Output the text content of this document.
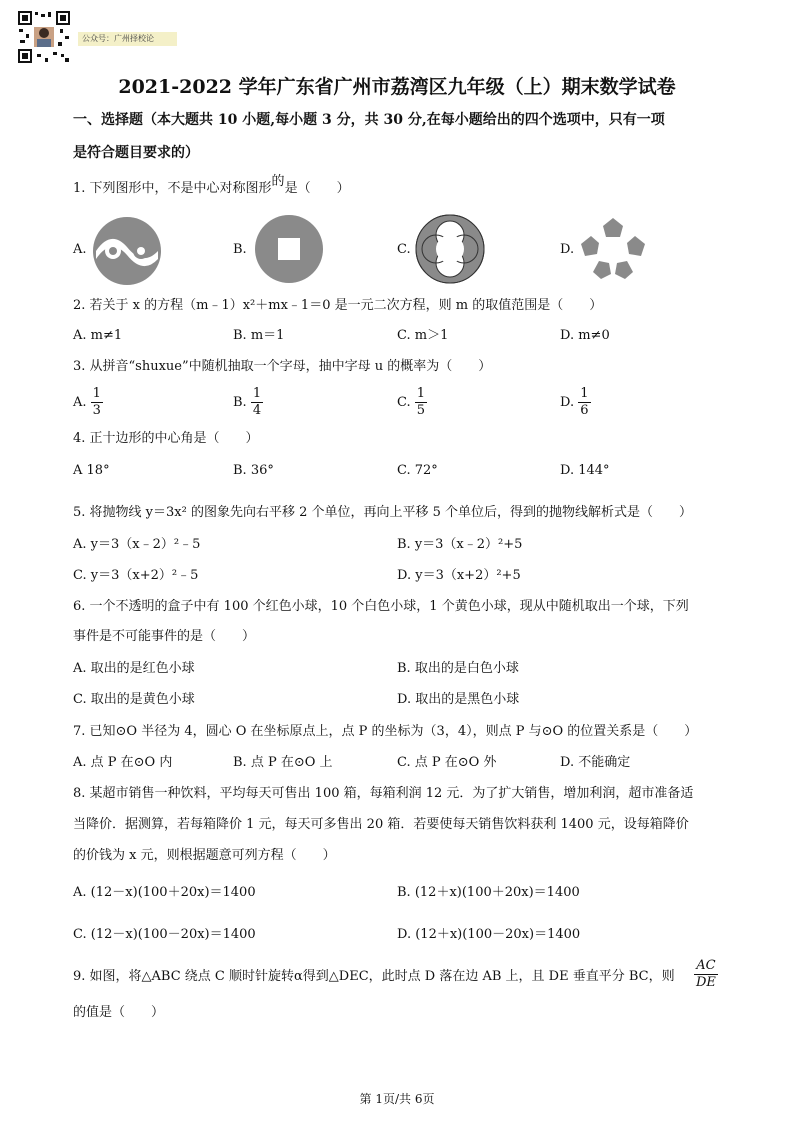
公众号：广州择校论
2021-2022 学年广东省广州市荔湾区九年级（上）期末数学试卷
一、选择题（本大题共 10 小题,每小题 3 分，共 30 分,在每小题给出的四个选项中，只有一项
是符合题目要求的）
1. 下列图形中，不是中心对称图形的是（　　）
A.	B.	C.	D.
2. 若关于 x 的方程（m﹣1）x²＋mx﹣1＝0 是一元二次方程，则 m 的取值范围是（　　）
A. m≠1	B. m＝1	C. m＞1	D. m≠0
3. 从拼音“shuxue”中随机抽取一个字母，抽中字母 u 的概率为（　　）
A. $\frac{1}{3}$	B. $\frac{1}{4}$	C. $\frac{1}{5}$	D. $\frac{1}{6}$
4. 正十边形的中心角是（　　）
A 18°	B. 36°	C. 72°	D. 144°
5. 将抛物线 y＝3x² 的图象先向右平移 2 个单位，再向上平移 5 个单位后，得到的抛物线解析式是（　　）
A. y＝3（x﹣2）²﹣5	B. y＝3（x﹣2）²+5
C. y＝3（x+2）²﹣5	D. y＝3（x+2）²+5
6. 一个不透明的盒子中有 100 个红色小球，10 个白色小球，1 个黄色小球，现从中随机取出一个球，下列
事件是不可能事件的是（　　）
A. 取出的是红色小球	B. 取出的是白色小球
C. 取出的是黄色小球	D. 取出的是黑色小球
7. 已知⊙O 半径为 4，圆心 O 在坐标原点上，点 P 的坐标为（3，4），则点 P 与⊙O 的位置关系是（　　）
A. 点 P 在⊙O 内	B. 点 P 在⊙O 上	C. 点 P 在⊙O 外	D. 不能确定
8. 某超市销售一种饮料，平均每天可售出 100 箱，每箱利润 12 元．为了扩大销售，增加利润，超市准备适
当降价．据测算，若每箱降价 1 元，每天可多售出 20 箱．若要使每天销售饮料获利 1400 元，设每箱降价
的价钱为 x 元，则根据题意可列方程（　　）
A. (12－x)(100＋20x)＝1400	B. (12＋x)(100＋20x)＝1400
C. (12－x)(100－20x)＝1400	D. (12＋x)(100－20x)＝1400
9. 如图，将△ABC 绕点 C 顺时针旋转α得到△DEC，此时点 D 落在边 AB 上，且 DE 垂直平分 BC，则 $\frac{AC}{DE}$
的值是（　　）
第 1页/共 6页
